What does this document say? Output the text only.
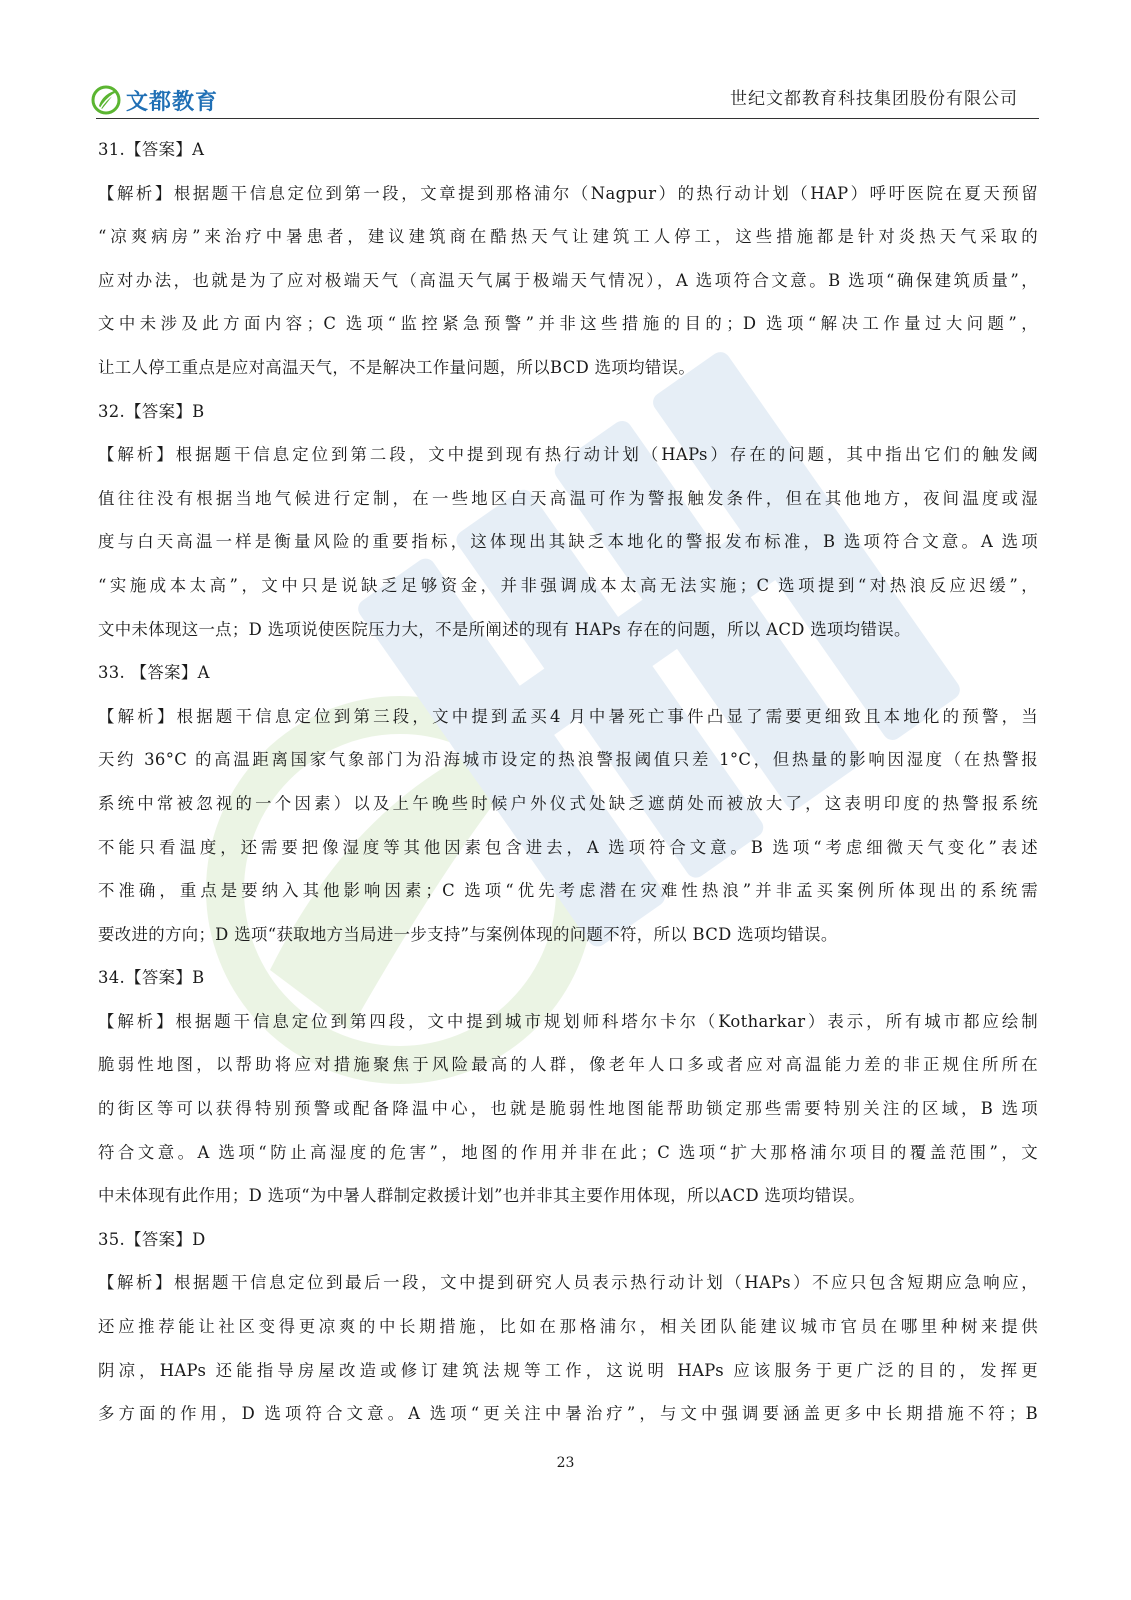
文都教育	世纪文都教育科技集团股份有限公司
31.【答案】A
【解析】根据题干信息定位到第一段，文章提到那格浦尔（Nagpur）的热行动计划（HAP）呼吁医院在夏天预留
“凉爽病房”来治疗中暑患者，建议建筑商在酷热天气让建筑工人停工，这些措施都是针对炎热天气采取的
应对办法，也就是为了应对极端天气（高温天气属于极端天气情况），A 选项符合文意。B 选项“确保建筑质量”，
文中未涉及此方面内容；C 选项“监控紧急预警”并非这些措施的目的；D 选项“解决工作量过大问题”，
让工人停工重点是应对高温天气，不是解决工作量问题，所以BCD 选项均错误。
32.【答案】B
【解析】根据题干信息定位到第二段，文中提到现有热行动计划（HAPs）存在的问题，其中指出它们的触发阈
值往往没有根据当地气候进行定制，在一些地区白天高温可作为警报触发条件，但在其他地方，夜间温度或湿
度与白天高温一样是衡量风险的重要指标，这体现出其缺乏本地化的警报发布标准，B 选项符合文意。A 选项
“实施成本太高”，文中只是说缺乏足够资金，并非强调成本太高无法实施；C 选项提到“对热浪反应迟缓”，
文中未体现这一点；D 选项说使医院压力大，不是所阐述的现有 HAPs 存在的问题，所以 ACD 选项均错误。
33. 【答案】A
【解析】根据题干信息定位到第三段，文中提到孟买4 月中暑死亡事件凸显了需要更细致且本地化的预警，当
天约 36°C 的高温距离国家气象部门为沿海城市设定的热浪警报阈值只差 1°C，但热量的影响因湿度（在热警报
系统中常被忽视的一个因素）以及上午晚些时候户外仪式处缺乏遮荫处而被放大了，这表明印度的热警报系统
不能只看温度，还需要把像湿度等其他因素包含进去，A 选项符合文意。B 选项“考虑细微天气变化”表述
不准确，重点是要纳入其他影响因素；C 选项“优先考虑潜在灾难性热浪”并非孟买案例所体现出的系统需
要改进的方向；D 选项“获取地方当局进一步支持”与案例体现的问题不符，所以 BCD 选项均错误。
34.【答案】B
【解析】根据题干信息定位到第四段，文中提到城市规划师科塔尔卡尔（Kotharkar）表示，所有城市都应绘制
脆弱性地图，以帮助将应对措施聚焦于风险最高的人群，像老年人口多或者应对高温能力差的非正规住所所在
的街区等可以获得特别预警或配备降温中心，也就是脆弱性地图能帮助锁定那些需要特别关注的区域，B 选项
符合文意。A 选项“防止高湿度的危害”，地图的作用并非在此；C 选项“扩大那格浦尔项目的覆盖范围”，文
中未体现有此作用；D 选项“为中暑人群制定救援计划”也并非其主要作用体现，所以ACD 选项均错误。
35.【答案】D
【解析】根据题干信息定位到最后一段，文中提到研究人员表示热行动计划（HAPs）不应只包含短期应急响应，
还应推荐能让社区变得更凉爽的中长期措施，比如在那格浦尔，相关团队能建议城市官员在哪里种树来提供
阴凉，HAPs 还能指导房屋改造或修订建筑法规等工作，这说明 HAPs 应该服务于更广泛的目的，发挥更
多方面的作用，D 选项符合文意。A 选项“更关注中暑治疗”，与文中强调要涵盖更多中长期措施不符；B
23
